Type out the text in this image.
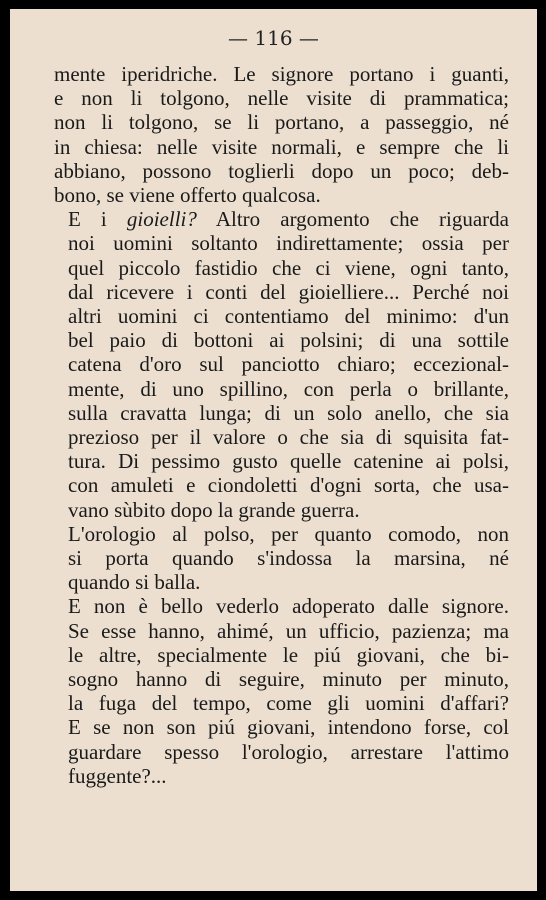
— 116 —

mente iperidriche. Le signore portano i guanti,
e non li tolgono, nelle visite di prammatica;
non li tolgono, se li portano, a passeggio, né
in chiesa: nelle visite normali, e sempre che li
abbiano, possono toglierli dopo un poco; deb-
bono, se viene offerto qualcosa.

E i gioielli? Altro argomento che riguarda
noi uomini soltanto indirettamente; ossia per
quel piccolo fastidio che ci viene, ogni tanto,
dal ricevere i conti del gioielliere... Perché noi
altri uomini ci contentiamo del minimo: d'un
bel paio di bottoni ai polsini; di una sottile
catena d'oro sul panciotto chiaro; eccezional-
mente, di uno spillino, con perla o brillante,
sulla cravatta lunga; di un solo anello, che sia
prezioso per il valore o che sia di squisita fat-
tura. Di pessimo gusto quelle catenine ai polsi,
con amuleti e ciondoletti d'ogni sorta, che usa-
vano sùbito dopo la grande guerra.

L'orologio al polso, per quanto comodo, non
si porta quando s'indossa la marsina, né
quando si balla.

E non è bello vederlo adoperato dalle signore.
Se esse hanno, ahimé, un ufficio, pazienza; ma
le altre, specialmente le piú giovani, che bi-
sogno hanno di seguire, minuto per minuto,
la fuga del tempo, come gli uomini d'affari?
E se non son piú giovani, intendono forse, col
guardare spesso l'orologio, arrestare l'attimo
fuggente?...
